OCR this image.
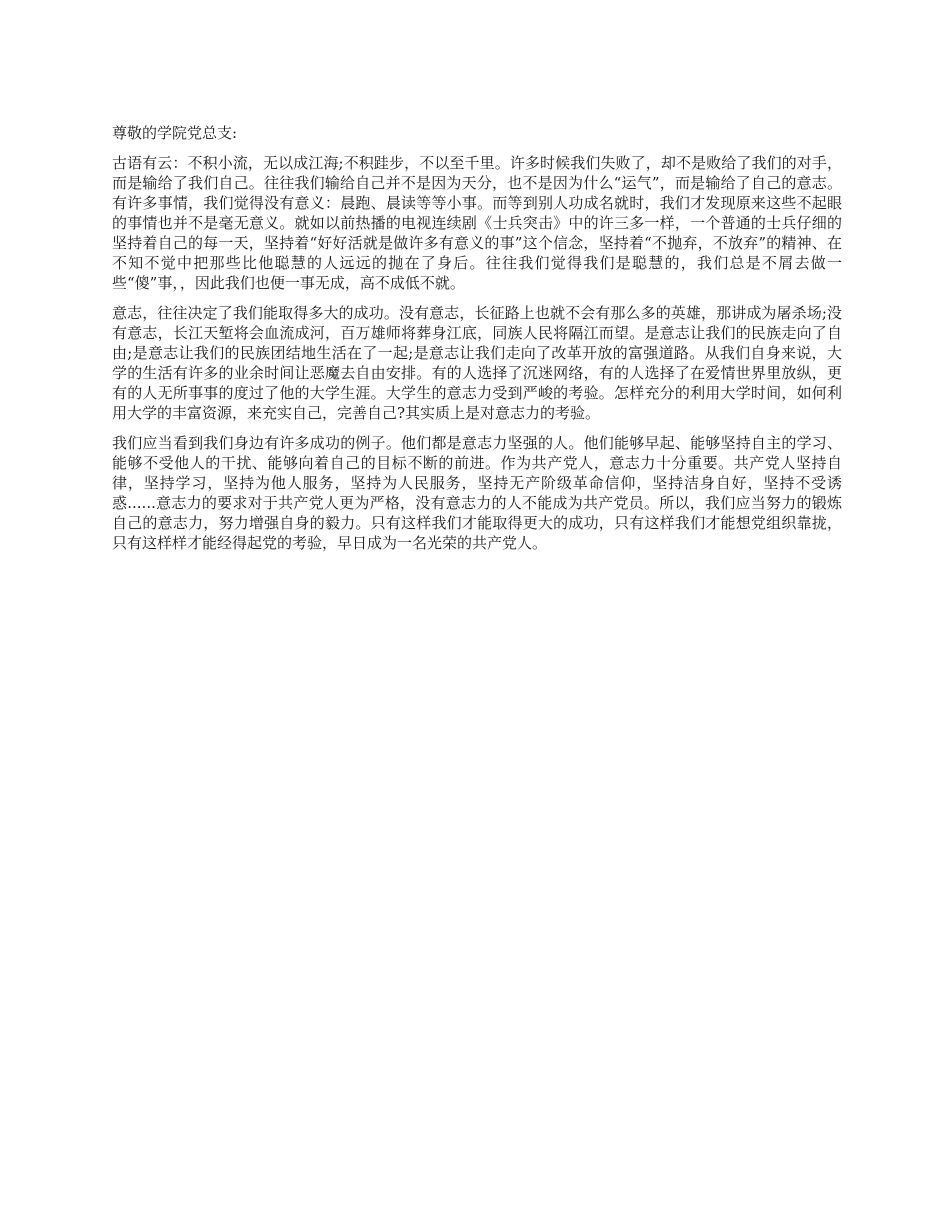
尊敬的学院党总支:

古语有云：不积小流，无以成江海;不积跬步，不以至千里。许多时候我们失败了，却不是败给了我们的对手，而是输给了我们自己。往往我们输给自己并不是因为天分，也不是因为什么“运气”，而是输给了自己的意志。有许多事情，我们觉得没有意义：晨跑、晨读等等小事。而等到别人功成名就时，我们才发现原来这些不起眼的事情也并不是毫无意义。就如以前热播的电视连续剧《士兵突击》中的许三多一样，一个普通的士兵仔细的坚持着自己的每一天，坚持着“好好活就是做许多有意义的事”这个信念，坚持着“不抛弃，不放弃”的精神、在不知不觉中把那些比他聪慧的人远远的抛在了身后。往往我们觉得我们是聪慧的，我们总是不屑去做一些“傻”事，，因此我们也便一事无成，高不成低不就。

意志，往往决定了我们能取得多大的成功。没有意志，长征路上也就不会有那么多的英雄，那讲成为屠杀场;没有意志，长江天堑将会血流成河，百万雄师将葬身江底，同族人民将隔江而望。是意志让我们的民族走向了自由;是意志让我们的民族团结地生活在了一起;是意志让我们走向了改革开放的富强道路。从我们自身来说，大学的生活有许多的业余时间让恶魔去自由安排。有的人选择了沉迷网络，有的人选择了在爱情世界里放纵，更有的人无所事事的度过了他的大学生涯。大学生的意志力受到严峻的考验。怎样充分的利用大学时间，如何利用大学的丰富资源，来充实自己，完善自己?其实质上是对意志力的考验。

我们应当看到我们身边有许多成功的例子。他们都是意志力坚强的人。他们能够早起、能够坚持自主的学习、能够不受他人的干扰、能够向着自己的目标不断的前进。作为共产党人，意志力十分重要。共产党人坚持自律，坚持学习，坚持为他人服务，坚持为人民服务，坚持无产阶级革命信仰，坚持洁身自好，坚持不受诱惑......意志力的要求对于共产党人更为严格，没有意志力的人不能成为共产党员。所以，我们应当努力的锻炼自己的意志力，努力增强自身的毅力。只有这样我们才能取得更大的成功，只有这样我们才能想党组织靠拢，只有这样样才能经得起党的考验，早日成为一名光荣的共产党人。
